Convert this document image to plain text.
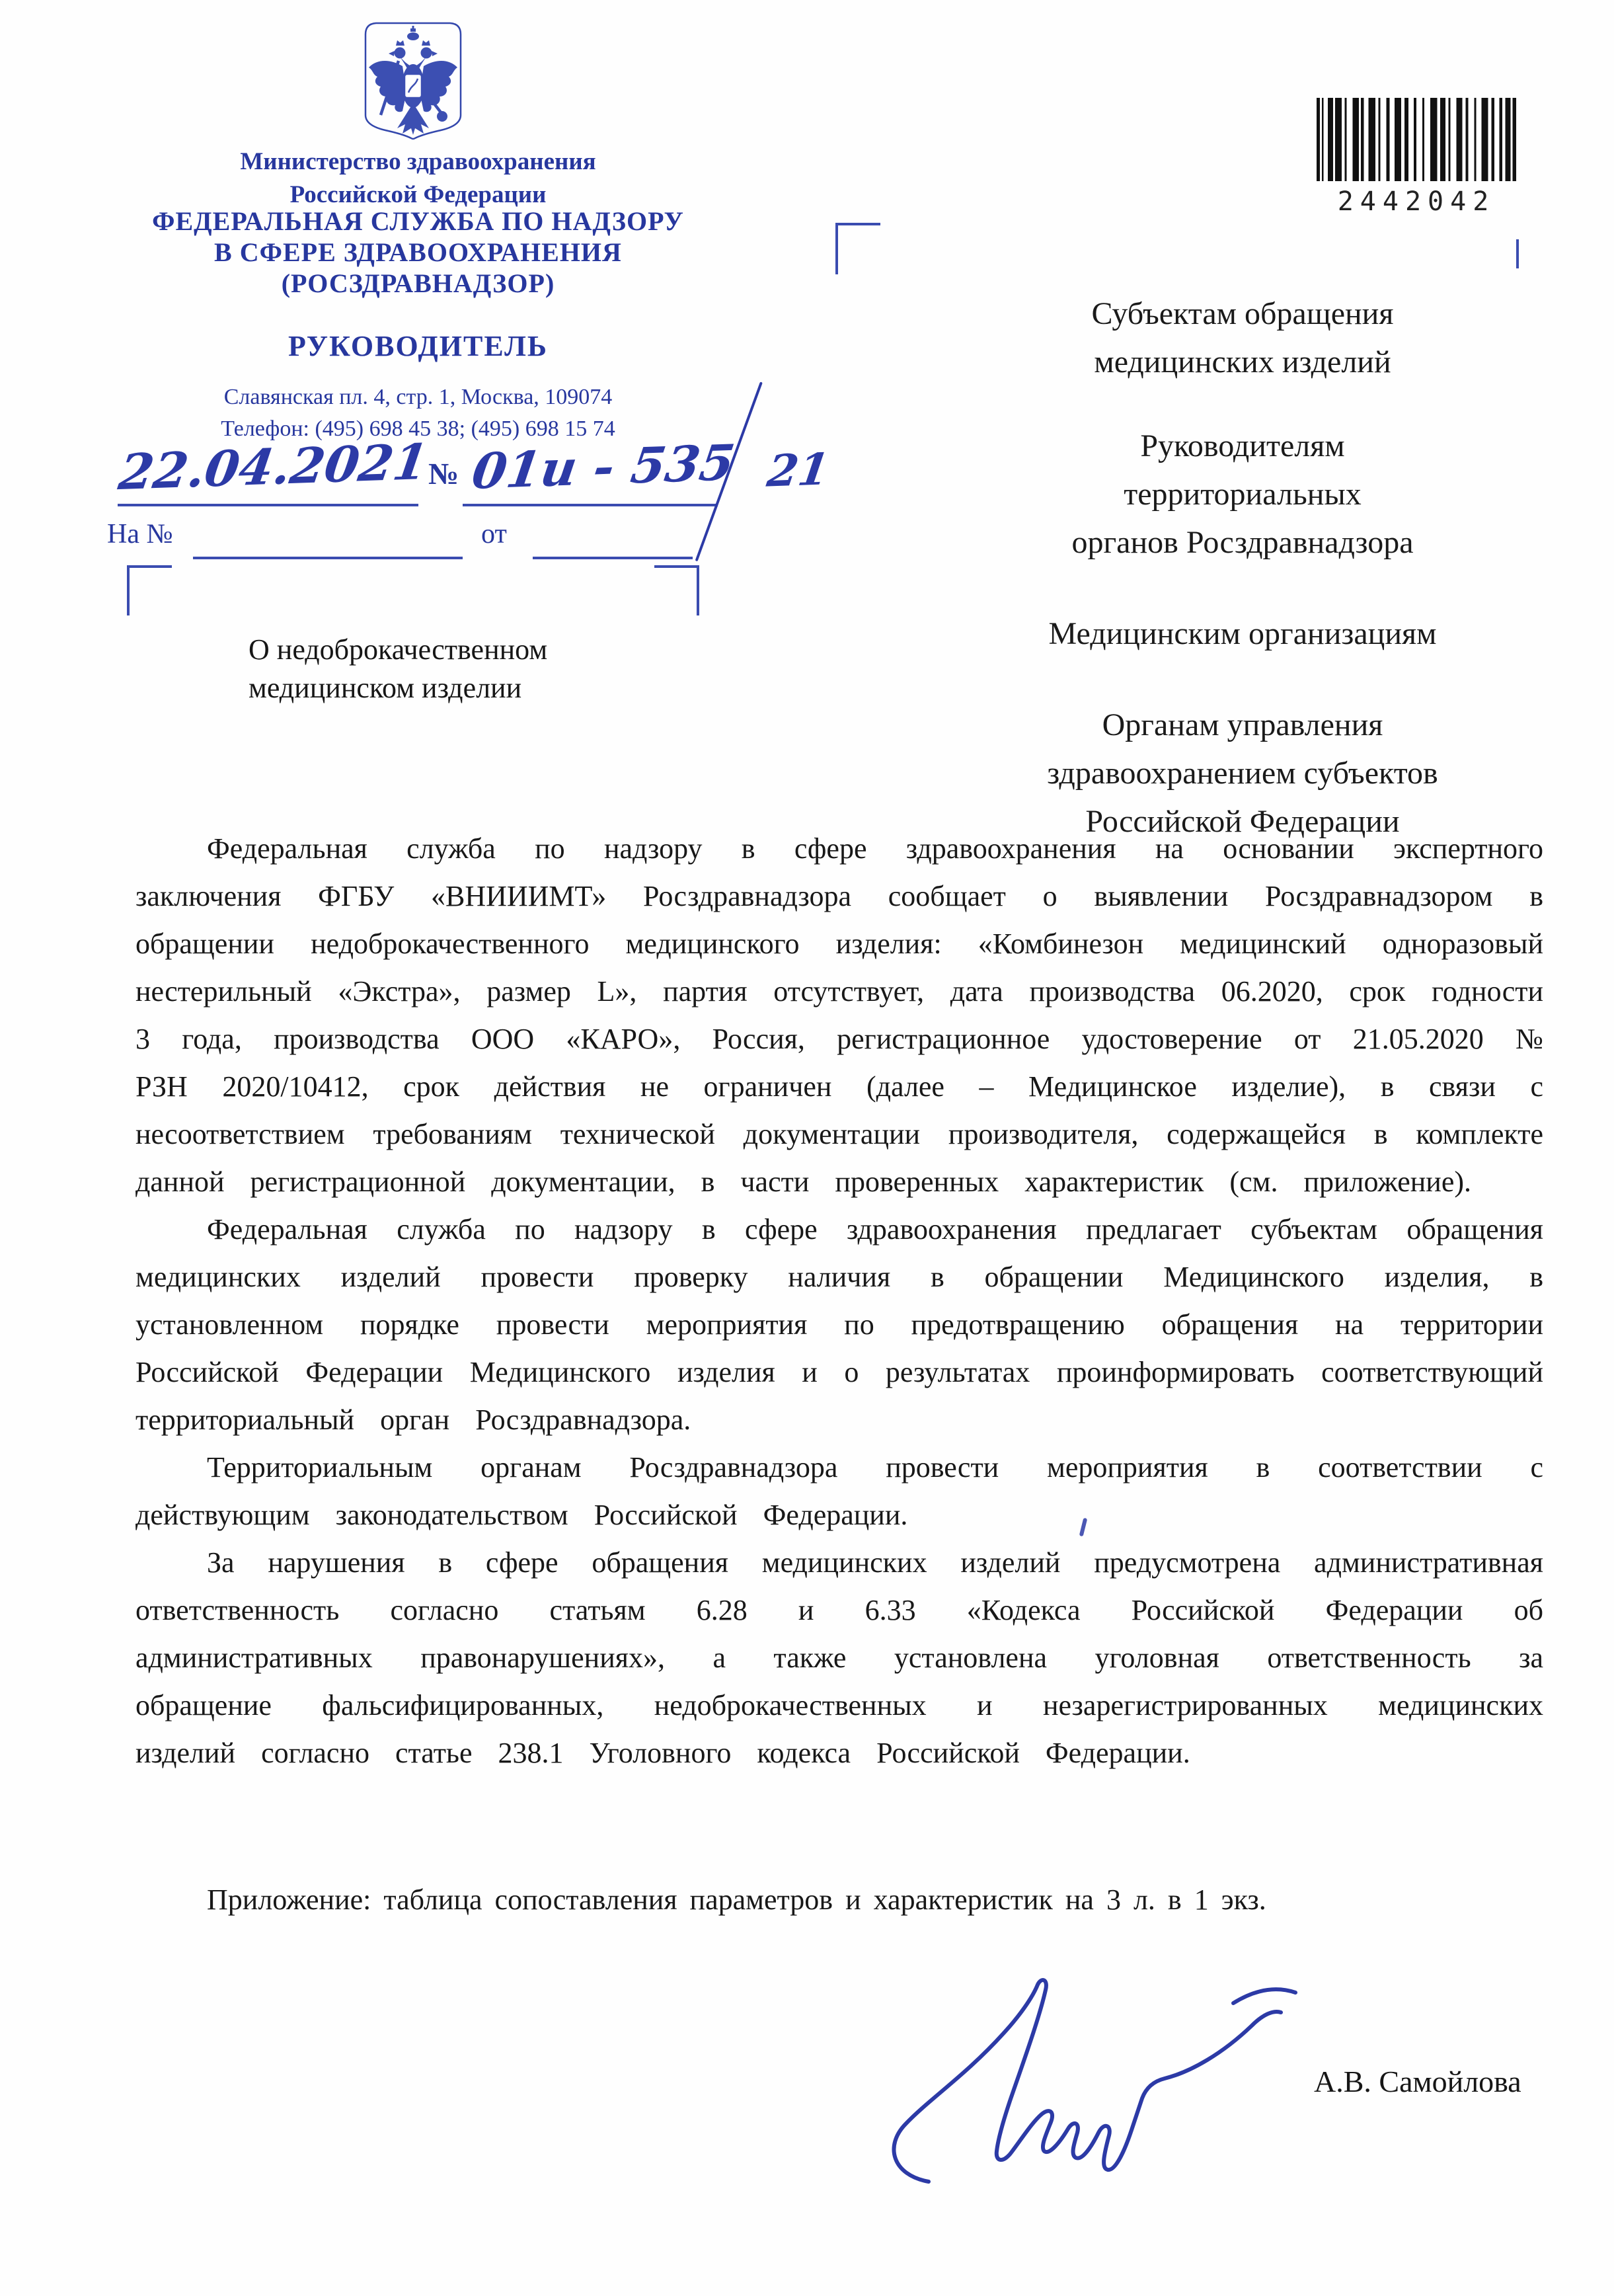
Министерство здравоохранения
Российской Федерации
ФЕДЕРАЛЬНАЯ СЛУЖБА ПО НАДЗОРУ
В СФЕРЕ ЗДРАВООХРАНЕНИЯ
(РОСЗДРАВНАДЗОР)
РУКОВОДИТЕЛЬ
Славянская пл. 4, стр. 1, Москва, 109074
Телефон: (495) 698 45 38; (495) 698 15 74
22.04.2021
№ 01и - 535 21
На №	от
О недоброкачественном
медицинском изделии
2442042
Субъектам обращения
медицинских изделий
Руководителям
территориальных
органов Росздравнадзора
Медицинским организациям
Органам управления
здравоохранением субъектов
Российской Федерации

Федеральная служба по надзору в сфере здравоохранения на основании экспертного заключения ФГБУ «ВНИИИМТ» Росздравнадзора сообщает о выявлении Росздравнадзором в обращении недоброкачественного медицинского изделия: «Комбинезон медицинский одноразовый нестерильный «Экстра», размер L», партия отсутствует, дата производства 06.2020, срок годности 3 года, производства ООО «КАРО», Россия, регистрационное удостоверение от 21.05.2020 № РЗН 2020/10412, срок действия не ограничен (далее – Медицинское изделие), в связи с несоответствием требованиям технической документации производителя, содержащейся в комплекте данной регистрационной документации, в части проверенных характеристик (см. приложение).

Федеральная служба по надзору в сфере здравоохранения предлагает субъектам обращения медицинских изделий провести проверку наличия в обращении Медицинского изделия, в установленном порядке провести мероприятия по предотвращению обращения на территории Российской Федерации Медицинского изделия и о результатах проинформировать соответствующий территориальный орган Росздравнадзора.

Территориальным органам Росздравнадзора провести мероприятия в соответствии с действующим законодательством Российской Федерации.

За нарушения в сфере обращения медицинских изделий предусмотрена административная ответственность согласно статьям 6.28 и 6.33 «Кодекса Российской Федерации об административных правонарушениях», а также установлена уголовная ответственность за обращение фальсифицированных, недоброкачественных и незарегистрированных медицинских изделий согласно статье 238.1 Уголовного кодекса Российской Федерации.

Приложение: таблица сопоставления параметров и характеристик на 3 л. в 1 экз.

А.В. Самойлова
